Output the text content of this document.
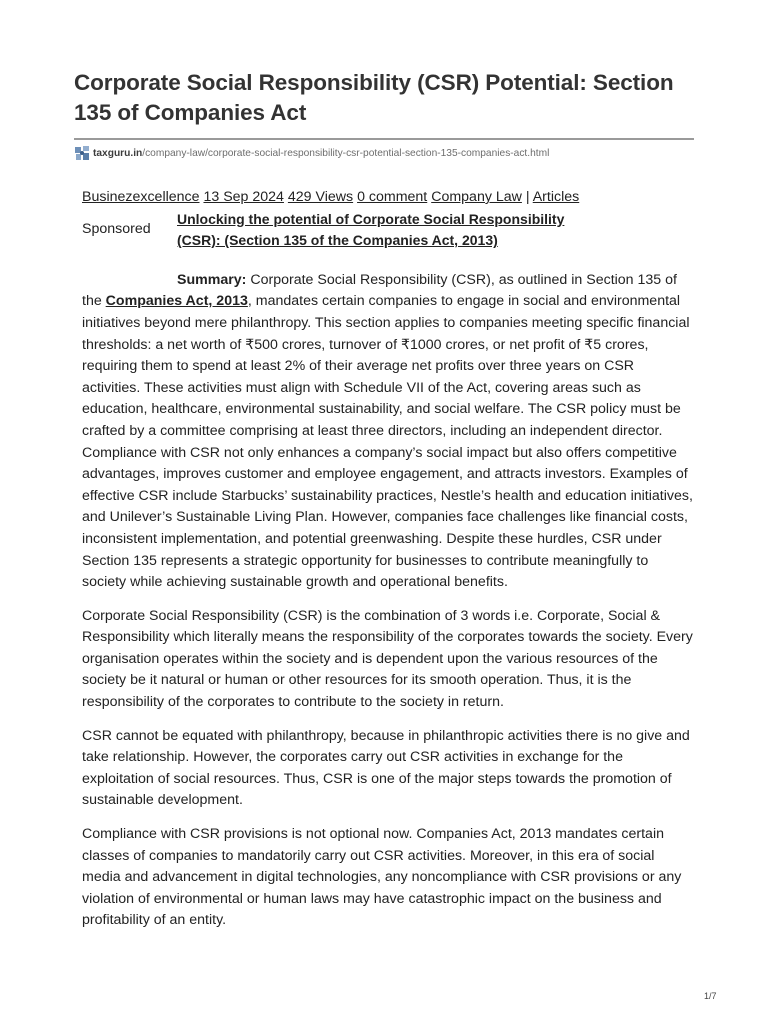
Corporate Social Responsibility (CSR) Potential: Section 135 of Companies Act
taxguru.in /company-law/corporate-social-responsibility-csr-potential-section-135-companies-act.html
Businezexcellence 13 Sep 2024 429 Views 0 comment Company Law | Articles
Sponsored
Unlocking the potential of Corporate Social Responsibility
(CSR): (Section 135 of the Companies Act, 2013)

Summary: Corporate Social Responsibility (CSR), as outlined in Section 135 of the Companies Act, 2013, mandates certain companies to engage in social and environmental initiatives beyond mere philanthropy. This section applies to companies meeting specific financial thresholds: a net worth of ₹500 crores, turnover of ₹1000 crores, or net profit of ₹5 crores, requiring them to spend at least 2% of their average net profits over three years on CSR activities. These activities must align with Schedule VII of the Act, covering areas such as education, healthcare, environmental sustainability, and social welfare. The CSR policy must be crafted by a committee comprising at least three directors, including an independent director. Compliance with CSR not only enhances a company’s social impact but also offers competitive advantages, improves customer and employee engagement, and attracts investors. Examples of effective CSR include Starbucks’ sustainability practices, Nestle’s health and education initiatives, and Unilever’s Sustainable Living Plan. However, companies face challenges like financial costs, inconsistent implementation, and potential greenwashing. Despite these hurdles, CSR under Section 135 represents a strategic opportunity for businesses to contribute meaningfully to society while achieving sustainable growth and operational benefits.

Corporate Social Responsibility (CSR) is the combination of 3 words i.e. Corporate, Social & Responsibility which literally means the responsibility of the corporates towards the society. Every organisation operates within the society and is dependent upon the various resources of the society be it natural or human or other resources for its smooth operation. Thus, it is the responsibility of the corporates to contribute to the society in return.

CSR cannot be equated with philanthropy, because in philanthropic activities there is no give and take relationship. However, the corporates carry out CSR activities in exchange for the exploitation of social resources. Thus, CSR is one of the major steps towards the promotion of sustainable development.

Compliance with CSR provisions is not optional now. Companies Act, 2013 mandates certain classes of companies to mandatorily carry out CSR activities. Moreover, in this era of social media and advancement in digital technologies, any noncompliance with CSR provisions or any violation of environmental or human laws may have catastrophic impact on the business and profitability of an entity.

1/7
